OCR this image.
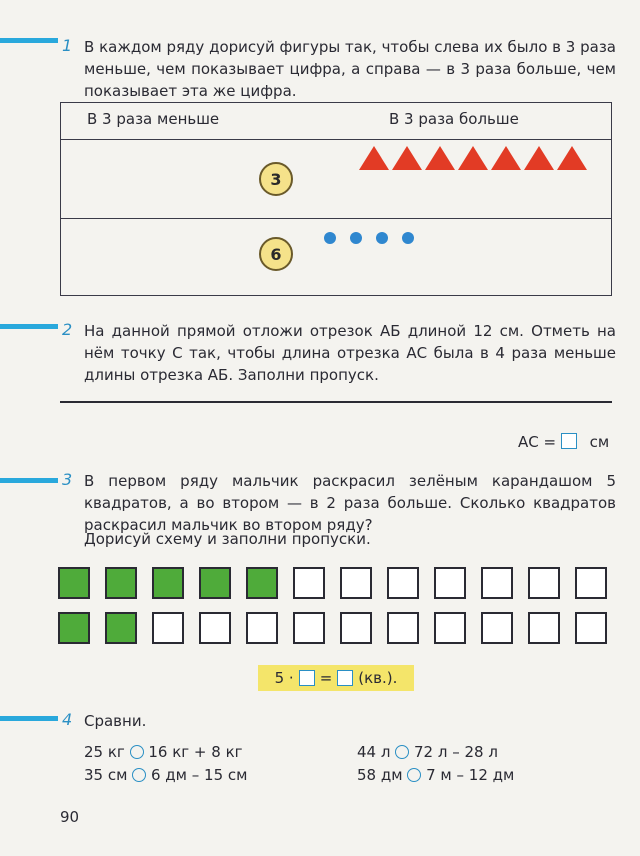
1 В каждом ряду дорисуй фигуры так, чтобы слева их было в 3 раза меньше, чем показывает цифра, а справа — в 3 раза больше, чем показывает эта же цифра.
В 3 раза меньше	В 3 раза больше
3
6
2 На данной прямой отложи отрезок АБ длиной 12 см. Отметь на нём точку С так, чтобы длина отрезка АС была в 4 раза меньше длины отрезка АБ. Заполни пропуск.
АС = см
3 В первом ряду мальчик раскрасил зелёным карандашом 5 квадратов, а во втором — в 2 раза больше. Сколько квадратов раскрасил мальчик во втором ряду?
Дорисуй схему и заполни пропуски.
5 · = (кв.).
4 Сравни.
25 кг 16 кг + 8 кг
35 см 6 дм – 15 см
44 л 72 л – 28 л
58 дм 7 м – 12 дм
90
